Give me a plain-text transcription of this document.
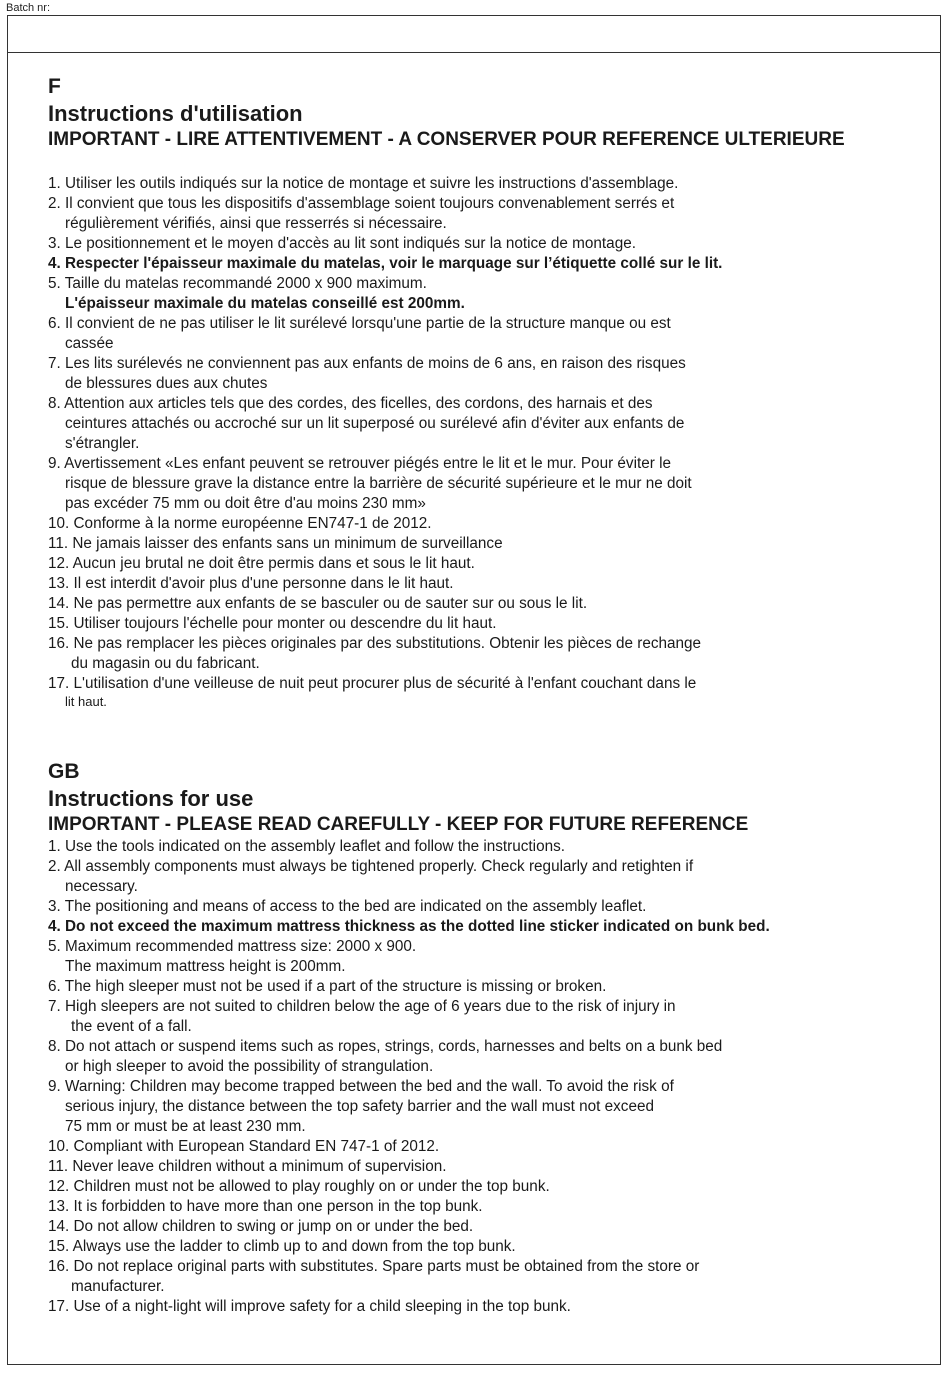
Batch nr:
F
Instructions d'utilisation
IMPORTANT - LIRE ATTENTIVEMENT - A CONSERVER POUR REFERENCE ULTERIEURE
1. Utiliser les outils indiqués sur la notice de montage et suivre les instructions d'assemblage.
2. Il convient que tous les dispositifs d'assemblage soient toujours convenablement serrés et
régulièrement vérifiés, ainsi que resserrés si nécessaire.
3. Le positionnement et le moyen d'accès au lit sont indiqués sur la notice de montage.
4. Respecter l'épaisseur maximale du matelas, voir le marquage sur l’étiquette collé sur le lit.
5. Taille du matelas recommandé 2000 x 900 maximum.
L'épaisseur maximale du matelas conseillé est 200mm.
6. Il convient de ne pas utiliser le lit surélevé lorsqu'une partie de la structure manque ou est
cassée
7. Les lits surélevés ne conviennent pas aux enfants de moins de 6 ans, en raison des risques
de blessures dues aux chutes
8. Attention aux articles tels que des cordes, des ficelles, des cordons, des harnais et des
ceintures attachés ou accroché sur un lit superposé ou surélevé afin d'éviter aux enfants de
s'étrangler.
9. Avertissement «Les enfant peuvent se retrouver piégés entre le lit et le mur. Pour éviter le
risque de blessure grave la distance entre la barrière de sécurité supérieure et le mur ne doit
pas excéder 75 mm ou doit être d'au moins 230 mm»
10. Conforme à la norme européenne EN747-1 de 2012.
11. Ne jamais laisser des enfants sans un minimum de surveillance
12. Aucun jeu brutal ne doit être permis dans et sous le lit haut.
13. Il est interdit d'avoir plus d'une personne dans le lit haut.
14. Ne pas permettre aux enfants de se basculer ou de sauter sur ou sous le lit.
15. Utiliser toujours l'échelle pour monter ou descendre du lit haut.
16. Ne pas remplacer les pièces originales par des substitutions. Obtenir les pièces de rechange
du magasin ou du fabricant.
17. L'utilisation d'une veilleuse de nuit peut procurer plus de sécurité à l'enfant couchant dans le
lit haut.
GB
Instructions for use
IMPORTANT - PLEASE READ CAREFULLY - KEEP FOR FUTURE REFERENCE
1. Use the tools indicated on the assembly leaflet and follow the instructions.
2. All assembly components must always be tightened properly. Check regularly and retighten if
necessary.
3. The positioning and means of access to the bed are indicated on the assembly leaflet.
4. Do not exceed the maximum mattress thickness as the dotted line sticker indicated on bunk bed.
5. Maximum recommended mattress size: 2000 x 900.
The maximum mattress height is 200mm.
6. The high sleeper must not be used if a part of the structure is missing or broken.
7. High sleepers are not suited to children below the age of 6 years due to the risk of injury in
the event of a fall.
8. Do not attach or suspend items such as ropes, strings, cords, harnesses and belts on a bunk bed
or high sleeper to avoid the possibility of strangulation.
9. Warning: Children may become trapped between the bed and the wall. To avoid the risk of
serious injury, the distance between the top safety barrier and the wall must not exceed
75 mm or must be at least 230 mm.
10. Compliant with European Standard EN 747-1 of 2012.
11. Never leave children without a minimum of supervision.
12. Children must not be allowed to play roughly on or under the top bunk.
13. It is forbidden to have more than one person in the top bunk.
14. Do not allow children to swing or jump on or under the bed.
15. Always use the ladder to climb up to and down from the top bunk.
16. Do not replace original parts with substitutes. Spare parts must be obtained from the store or
manufacturer.
17. Use of a night-light will improve safety for a child sleeping in the top bunk.
